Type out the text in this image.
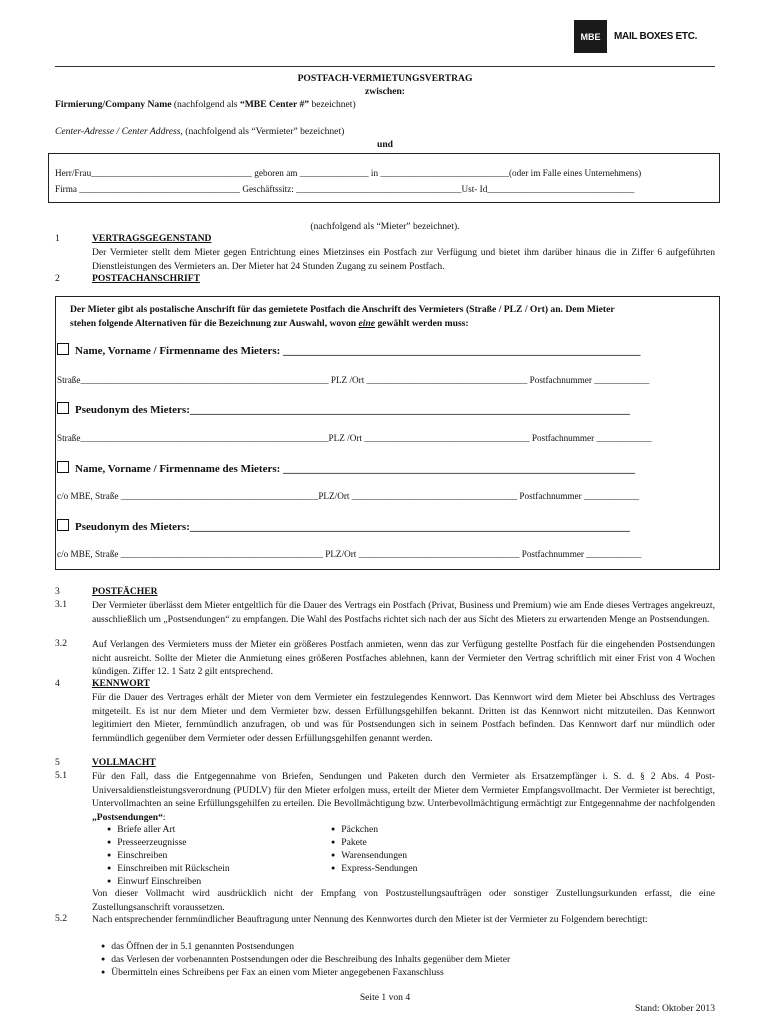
MBE MAIL BOXES ETC.
POSTFACH-VERMIETUNGSVERTRAG
zwischen:
Firmierung/Company Name (nachfolgend als “MBE Center #” bezeichnet)
Center-Adresse / Center Address, (nachfolgend als “Vermieter” bezeichnet)
und
Herr/Frau___________________________________ geboren am _______________ in ____________________________(oder im Falle eines Unternehmens)
Firma ___________________________________ Geschäftssitz: ____________________________________Ust- Id________________________________
(nachfolgend als “Mieter” bezeichnet).
1	VERTRAGSGEGENSTAND
Der Vermieter stellt dem Mieter gegen Entrichtung eines Mietzinses ein Postfach zur Verfügung und bietet ihm darüber hinaus die in Ziffer 6 aufgeführten Dienstleistungen des Vermieters an. Der Mieter hat 24 Stunden Zugang zu seinem Postfach.
2	POSTFACHANSCHRIFT
Der Mieter gibt als postalische Anschrift für das gemietete Postfach die Anschrift des Vermieters (Straße / PLZ / Ort) an. Dem Mieter
stehen folgende Alternativen für die Bezeichnung zur Auswahl, wovon eine gewählt werden muss:
Name, Vorname / Firmenname des Mieters: _________________________________________________________________
Straße______________________________________________________ PLZ /Ort ___________________________________ Postfachnummer ____________
Pseudonym des Mieters:________________________________________________________________________________
Straße______________________________________________________PLZ /Ort ____________________________________ Postfachnummer ____________
Name, Vorname / Firmenname des Mieters: ________________________________________________________________
c/o MBE, Straße ___________________________________________PLZ/Ort ____________________________________ Postfachnummer ____________
Pseudonym des Mieters:________________________________________________________________________________
c/o MBE, Straße ____________________________________________ PLZ/Ort ___________________________________ Postfachnummer ____________
3	POSTFÄCHER
3.1	Der Vermieter überlässt dem Mieter entgeltlich für die Dauer des Vertrags ein Postfach (Privat, Business und Premium) wie am Ende dieses Vertrages angekreuzt, ausschließlich um „Postsendungen“ zu empfangen. Die Wahl des Postfachs richtet sich nach der aus Sicht des Mieters zu erwartenden Menge an Postsendungen.
3.2	Auf Verlangen des Vermieters muss der Mieter ein größeres Postfach anmieten, wenn das zur Verfügung gestellte Postfach für die eingehenden Postsendungen nicht ausreicht. Sollte der Mieter die Anmietung eines größeren Postfaches ablehnen, kann der Vermieter den Vertrag schriftlich mit einer Frist von 4 Wochen kündigen. Ziffer 12. 1 Satz 2 gilt entsprechend.
4	KENNWORT
Für die Dauer des Vertrages erhält der Mieter von dem Vermieter ein festzulegendes Kennwort. Das Kennwort wird dem Mieter bei Abschluss des Vertrages mitgeteilt. Es ist nur dem Mieter und dem Vermieter bzw. dessen Erfüllungsgehilfen bekannt. Dritten ist das Kennwort nicht mitzuteilen. Das Kennwort legitimiert den Mieter, fernmündlich anzufragen, ob und was für Postsendungen sich in seinem Postfach befinden. Das Kennwort darf nur mündlich oder fernmündlich gegenüber dem Vermieter oder dessen Erfüllungsgehilfen genannt werden.
5	VOLLMACHT
5.1	Für den Fall, dass die Entgegennahme von Briefen, Sendungen und Paketen durch den Vermieter als Ersatzempfänger i. S. d. § 2 Abs. 4 Post-Universaldienstleistungsverordnung (PUDLV) für den Mieter erfolgen muss, erteilt der Mieter dem Vermieter Empfangsvollmacht. Der Vermieter ist berechtigt, Untervollmachten an seine Erfüllungsgehilfen zu erteilen. Die Bevollmächtigung bzw. Unterbevollmächtigung ermächtigt zur Entgegennahme der nachfolgenden „Postsendungen“:
● Briefe aller Art
● Presseerzeugnisse
● Einschreiben
● Einschreiben mit Rückschein
● Einwurf Einschreiben
● Päckchen
● Pakete
● Warensendungen
● Express-Sendungen
Von dieser Vollmacht wird ausdrücklich nicht der Empfang von Postzustellungsaufträgen oder sonstiger Zustellungsurkunden erfasst, die eine Zustellungsanschrift voraussetzen.
5.2	Nach entsprechender fernmündlicher Beauftragung unter Nennung des Kennwortes durch den Mieter ist der Vermieter zu Folgendem berechtigt:
● das Öffnen der in 5.1 genannten Postsendungen
● das Verlesen der vorbenannten Postsendungen oder die Beschreibung des Inhalts gegenüber dem Mieter
● Übermitteln eines Schreibens per Fax an einen vom Mieter angegebenen Faxanschluss
Seite 1 von 4
Stand: Oktober 2013
